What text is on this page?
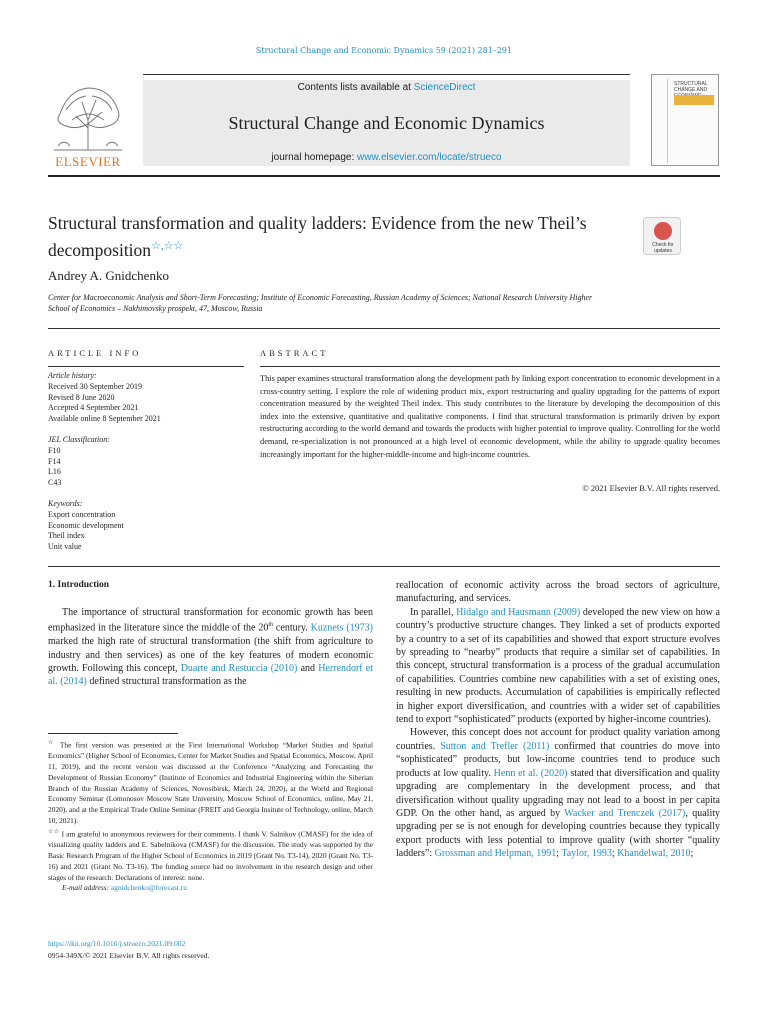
Structural Change and Economic Dynamics 59 (2021) 281–291
ELSEVIER
Contents lists available at ScienceDirect
Structural Change and Economic Dynamics
journal homepage: www.elsevier.com/locate/strueco
STRUCTURAL CHANGE AND
Structural transformation and quality ladders: Evidence from the new Theil’s decomposition☆,☆☆	Check for updates
Andrey A. Gnidchenko
Center for Macroeconomic Analysis and Short-Term Forecasting; Institute of Economic Forecasting, Russian Academy of Sciences; National Research University Higher School of Economics – Nakhimovsky prospekt, 47, Moscow, Russia
ARTICLE INFO	ABSTRACT
Article history:
Received 30 September 2019
Revised 8 June 2020
Accepted 4 September 2021
Available online 8 September 2021
JEL Classification:
F10
F14
L16
C43
Keywords:
Export concentration
Economic development
Theil index
Unit value
This paper examines structural transformation along the development path by linking export concentration to economic development in a cross-country setting. I explore the role of widening product mix, export restructuring and quality upgrading for the patterns of export concentration measured by the weighted Theil index. This study contributes to the literature by developing the decomposition of this index into the extensive, quantitative and qualitative components. I find that structural transformation is primarily driven by export restructuring according to the world demand and towards the products with higher potential to improve quality. Controlling for the world demand, re-specialization is not pronounced at a high level of economic development, while the ability to upgrade quality becomes increasingly important for the higher-middle-income and high-income countries.
© 2021 Elsevier B.V. All rights reserved.
1. Introduction
The importance of structural transformation for economic growth has been emphasized in the literature since the middle of the 20th century. Kuznets (1973) marked the high rate of structural transformation (the shift from agriculture to industry and then services) as one of the key features of modern economic growth. Following this concept, Duarte and Restuccia (2010) and Herrendorf et al. (2014) defined structural transformation as the

reallocation of economic activity across the broad sectors of agriculture, manufacturing, and services.

In parallel, Hidalgo and Hausmann (2009) developed the new view on how a country’s productive structure changes. They linked a set of products exported by a country to a set of its capabilities and showed that export structure evolves by spreading to “nearby” products that require a similar set of capabilities. In this concept, structural transformation is a process of the gradual accumulation of capabilities. Countries combine new capabilities with a set of existing ones, resulting in new products. Accumulation of capabilities is empirically reflected in higher export diversification, and countries with a wider set of capabilities tend to export “sophisticated” products (exported by higher-income countries).

However, this concept does not account for product quality variation among countries. Sutton and Trefler (2011) confirmed that countries do move into “sophisticated” products, but low-income countries tend to produce such products at low quality. Henn et al. (2020) stated that diversification and quality upgrading are complementary in the development process, and that diversification without quality upgrading may not lead to a boost in per capita GDP. On the other hand, as argued by Wacker and Trenczek (2017), quality upgrading per se is not enough for developing countries because they typically export products with less potential to improve quality (with shorter “quality ladders”: Grossman and Helpman, 1991; Taylor, 1993; Khandelwal, 2010;

☆ The first version was presented at the First International Workshop “Market Studies and Spatial Economics” (Higher School of Economics, Center for Market Studies and Spatial Economics, Moscow, April 11, 2019), and the recent version was discussed at the Conference “Analyzing and Forecasting the Development of Russian Economy” (Institute of Economics and Industrial Engineering within the Siberian Branch of the Russian Academy of Sciences, Novosibirsk, March 24, 2020), at the World and Regional Economy Seminar (Lomonosov Moscow State University, Moscow School of Economics, online, May 21, 2020), and at the Empirical Trade Online Seminar (FREIT and Georgia Insitute of Technology, online, March 10, 2021).

☆☆ I am grateful to anonymous reviewers for their comments. I thank V. Salnikov (CMASF) for the idea of visualizing quality ladders and E. Sabelnikova (CMASF) for the discussion. The study was supported by the Basic Research Program of the Higher School of Economics in 2019 (Grant No. T3-14), 2020 (Grant No. T3-16) and 2021 (Grant No. T3-16). The funding source had no involvement in the research design and other stages of the research. Declarations of interest: none.

E-mail address: agnidchenko@forecast.ru

https://doi.org/10.1016/j.strueco.2021.09.002
0954-349X/© 2021 Elsevier B.V. All rights reserved.
